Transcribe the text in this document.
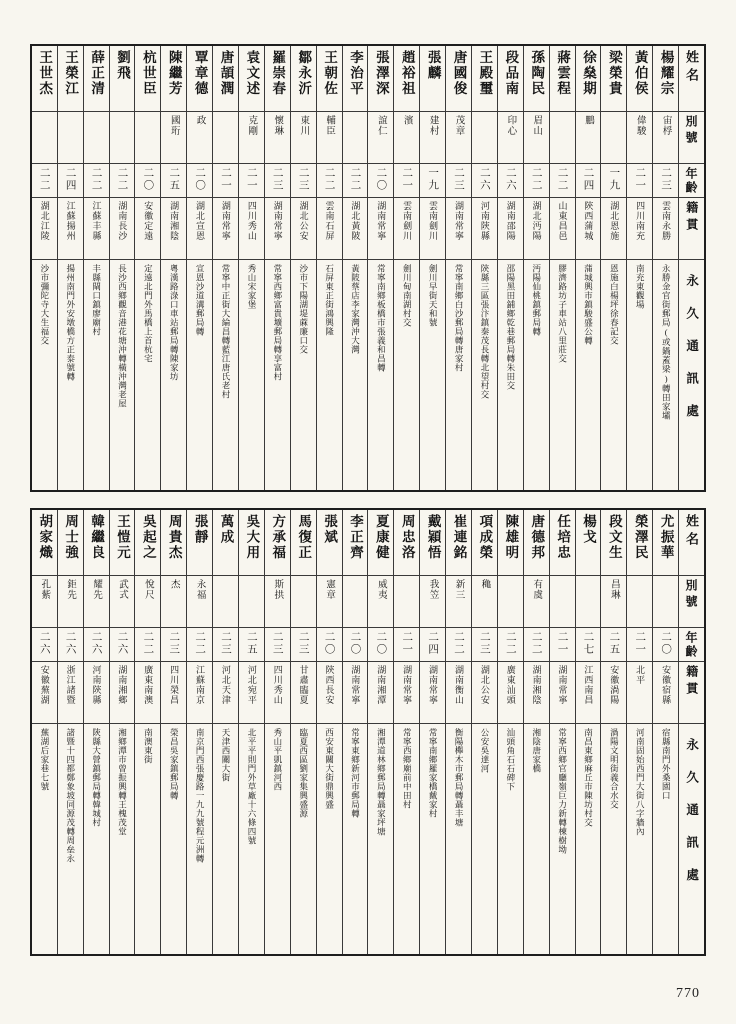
姓名
別號
年齡
籍貫
永久通訊處
楊耀宗
宙桴
二三
雲南永勝
永勝金官街郵局(或鍋蓋梁)轉田家壩
黃伯侯
偉駿
二一
四川南充
南充東觀場
梁榮貴
一九
湖北恩施
恩施白楊坪徐春記交
徐燊期
鵬
二四
陝西蒲城
蒲城興市鎮駿盛公轉
蔣雲程
二二
山東昌邑
膠濟路坊子車站八里莊交
孫陶民
眉山
二二
湖北沔陽
沔陽仙桃鎮郵局轉
段品南
印心
二六
湖南邵陽
邵陽黑田鋪鄉乾巷郵局轉朱田交
王殿璽
二六
河南陝縣
陝縣三區張汴鎮秦茂長轉北望村交
唐國俊
茂章
二三
湖南常寧
常寧南鄉白沙郵局轉唐家村
張麟
建村
一九
雲南劍川
劍川早街天和號
趙裕祖
濱
二一
雲南劍川
劍川甸南湖村交
張澤深
誼仁
二〇
湖南常寧
常寧南鄉板橋市張義和昌轉
李治平
二二
湖北黃陂
黃陂蔡店李家灣沖大灣
王朝佐
輔臣
二二
雲南石屏
石屏東正街鴻興隆
鄒永沂
東川
二三
湖北公安
沙市下陽湖堤蔴廉口交
羅崇春
懷琳
二三
湖南常寧
常寧西鄉富貴壙郵局轉享富村
袁文述
克剛
二一
四川秀山
秀山宋家堡
唐頡潤
二一
湖南常寧
常寧中正街大綸昌轉藍江唐氏老村
覃章德
政
二〇
湖北宣恩
宣恩沙道溝郵局轉
陳繼芳
國珩
二五
湖南湘陰
粵漢路淥口車站郵局轉陳家坊
杭世臣
二〇
安徽定遠
定遠北門外馬橋上首杭宅
劉飛
二二
湖南長沙
長沙西鄉觀音港花塘沖轉橫沖灣老屋
薛正清
二二
江蘇丰縣
丰縣閘口鎮廖廟村
王榮江
二四
江蘇揚州
揚州南門外安墩橋方正泰號轉
王世杰
二二
湖北江陵
沙市彌陀寺大生福交
姓名
別號
年齡
籍貫
永久通訊處
尤振華
二〇
安徽宿縣
宿縣南門外桑園口
榮澤民
二一
北平
河南固始西門大街八字牆內
段文生
昌琳
二五
安徽渦陽
渦陽文明街義合水交
楊戈
二七
江西南昌
南昌東鄉麻丘市陳坊村交
任培忠
二一
湖南常寧
常寧西鄉官廳嶺巨力新轉棟樹坳
唐德邦
有虞
二二
湖南湘陰
湘陰唐家橋
陳雄明
二二
廣東汕頭
汕頭角石石碑下
項成榮
穐
二三
湖北公安
公安吳達河
崔連銘
新三
二二
湖南衡山
衡陽櫸木市郵局轉聶丰塘
戴穎悟
我笠
二四
湖南常寧
常寧南鄉羅家橋戴家村
周忠洛
二一
湖南常寧
常寧西鄉廟前中田村
夏康健
威夷
二〇
湖南湘潭
湘潭道林鄉郵局轉聶家坪塘
李正齊
二〇
湖南常寧
常寧東鄉新河市郵局轉
張斌
憲章
二〇
陝西長安
西安東關大街鼎興盛
馬復正
二三
甘肅臨夏
臨夏西區劉家集興盛源
方承福
斯拱
二三
四川秀山
秀山平凱鎮河西
吳大用
二五
河北宛平
北平平則門外草廠十六條四號
萬成
二三
河北天津
天津西關大街
張靜
永福
二二
江蘇南京
南京門西張慶路一九九號程元洲轉
周貴杰
杰
二三
四川榮昌
榮昌吳家鎮郵局轉
吳起之
悅尺
二二
廣東南澳
南澳東街
王愷元
武式
二六
湖南湘鄉
湘鄉潭市曾振興轉王槐茂堂
韓繼良
耀先
二六
河南陝縣
陝縣大營鎮郵局轉韓城村
周士強
鉅先
二六
浙江諸暨
諸暨十四都鄭象坡同源茂轉周垒永
胡家熾
孔紫
二六
安徽蕪湖
蕪湖后家巷七號
770
